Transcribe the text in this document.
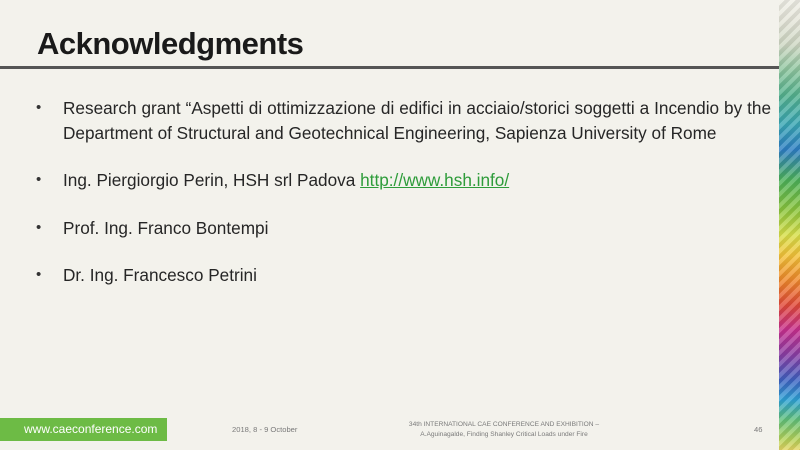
Acknowledgments
•	Research grant “Aspetti di ottimizzazione di edifici in acciaio/storici soggetti a Incendio by the Department of Structural and Geotechnical Engineering, Sapienza University of Rome
•	Ing. Piergiorgio Perin, HSH srl Padova http://www.hsh.info/
•	Prof. Ing. Franco Bontempi
•	Dr. Ing. Francesco Petrini
www.caeconference.com	2018, 8 - 9 October
34th INTERNATIONAL CAE CONFERENCE AND EXHIBITION –
A.Aguinagalde, Finding Shanley Critical Loads under Fire
46
